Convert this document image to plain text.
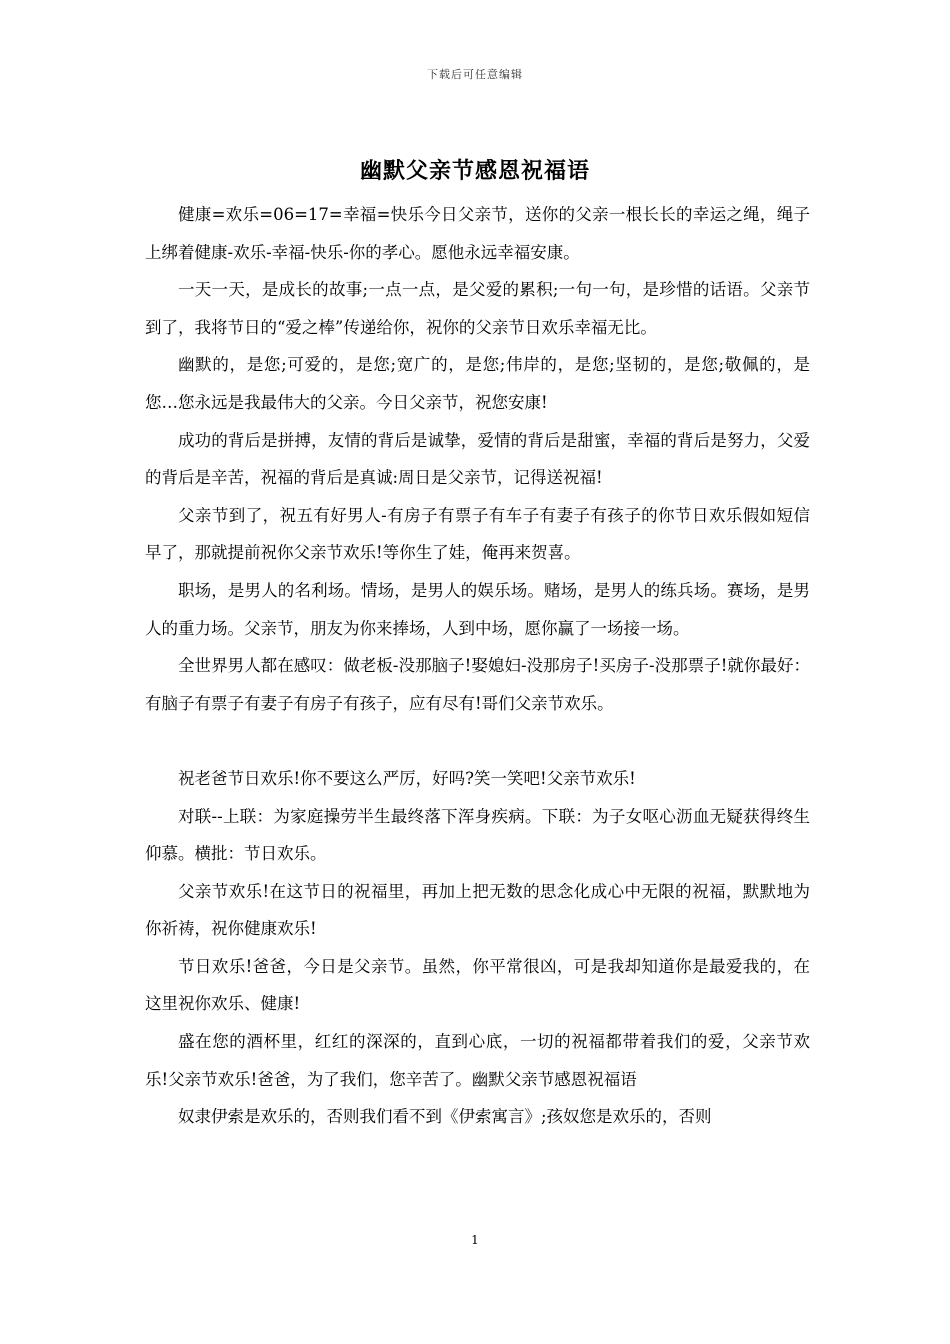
下载后可任意编辑
幽默父亲节感恩祝福语

健康=欢乐=06=17=幸福=快乐今日父亲节，送你的父亲一根长长的幸运之绳，绳子上绑着健康-欢乐-幸福-快乐-你的孝心。愿他永远幸福安康。

一天一天，是成长的故事;一点一点，是父爱的累积;一句一句，是珍惜的话语。父亲节到了，我将节日的“爱之棒”传递给你，祝你的父亲节日欢乐幸福无比。

幽默的，是您;可爱的，是您;宽广的，是您;伟岸的，是您;坚韧的，是您;敬佩的，是您…您永远是我最伟大的父亲。今日父亲节，祝您安康!

成功的背后是拼搏，友情的背后是诚挚，爱情的背后是甜蜜，幸福的背后是努力，父爱的背后是辛苦，祝福的背后是真诚:周日是父亲节，记得送祝福!

父亲节到了，祝五有好男人-有房子有票子有车子有妻子有孩子的你节日欢乐假如短信早了，那就提前祝你父亲节欢乐!等你生了娃，俺再来贺喜。

职场，是男人的名利场。情场，是男人的娱乐场。赌场，是男人的练兵场。赛场，是男人的重力场。父亲节，朋友为你来捧场，人到中场，愿你赢了一场接一场。

全世界男人都在感叹：做老板-没那脑子!娶媳妇-没那房子!买房子-没那票子!就你最好：有脑子有票子有妻子有房子有孩子，应有尽有!哥们父亲节欢乐。

祝老爸节日欢乐!你不要这么严厉，好吗?笑一笑吧!父亲节欢乐!

对联--上联：为家庭操劳半生最终落下浑身疾病。下联：为子女呕心沥血无疑获得终生仰慕。横批：节日欢乐。

父亲节欢乐!在这节日的祝福里，再加上把无数的思念化成心中无限的祝福，默默地为你祈祷，祝你健康欢乐!

节日欢乐!爸爸，今日是父亲节。虽然，你平常很凶，可是我却知道你是最爱我的，在这里祝你欢乐、健康!

盛在您的酒杯里，红红的深深的，直到心底，一切的祝福都带着我们的爱，父亲节欢乐!父亲节欢乐!爸爸，为了我们，您辛苦了。幽默父亲节感恩祝福语

奴隶伊索是欢乐的，否则我们看不到《伊索寓言》;孩奴您是欢乐的，否则

1
